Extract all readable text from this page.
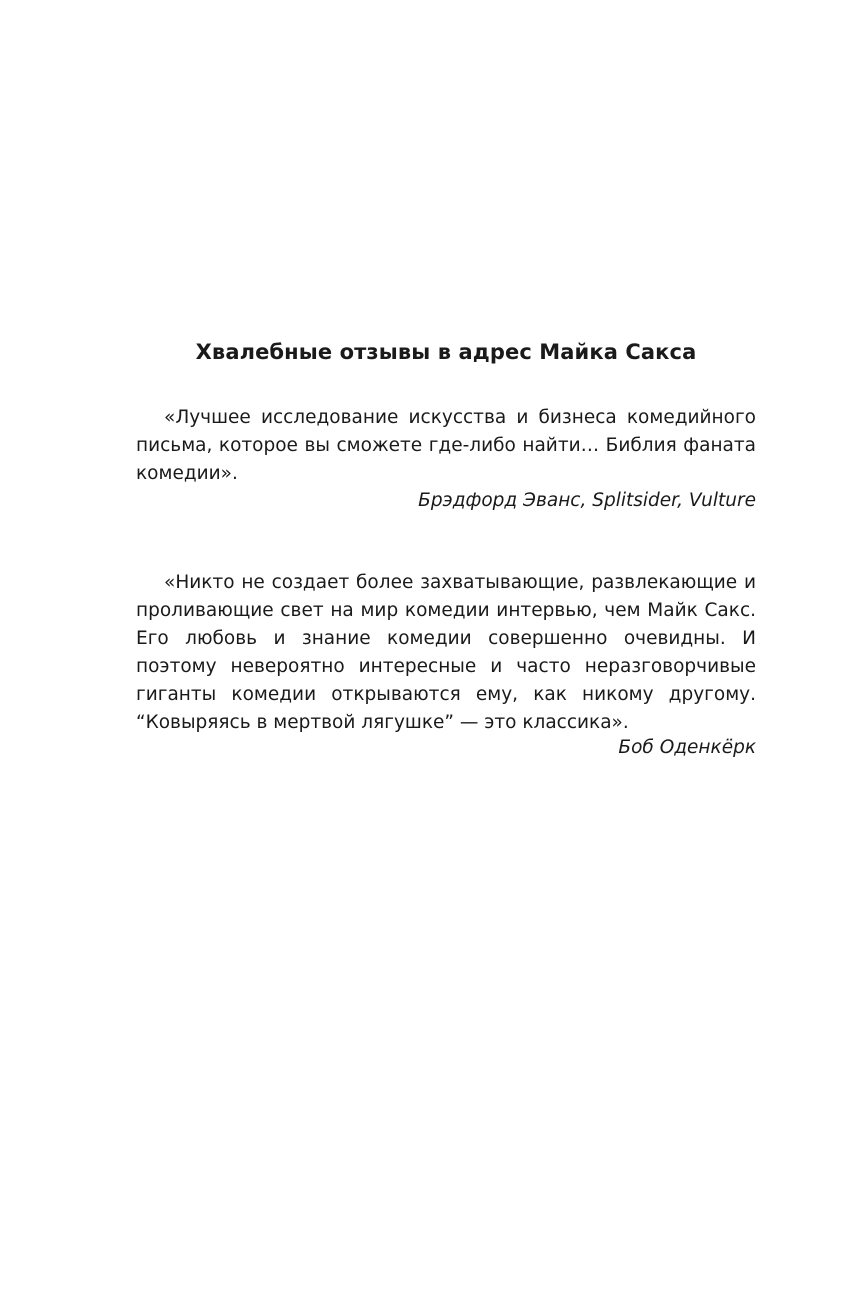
Хвалебные отзывы в адрес Майка Сакса

«Лучшее исследование искусства и бизнеса комедийного письма, которое вы сможете где-либо найти… Библия фаната комедии».

Брэдфорд Эванс, Splitsider, Vulture

«Никто не создает более захватывающие, развлекающие и проливающие свет на мир комедии интервью, чем Майк Сакс. Его любовь и знание комедии совершенно очевидны. И поэтому невероятно интересные и часто неразговорчивые гиганты комедии открываются ему, как никому другому. “Ковыряясь в мертвой лягушке” — это классика».

Боб Оденкёрк
